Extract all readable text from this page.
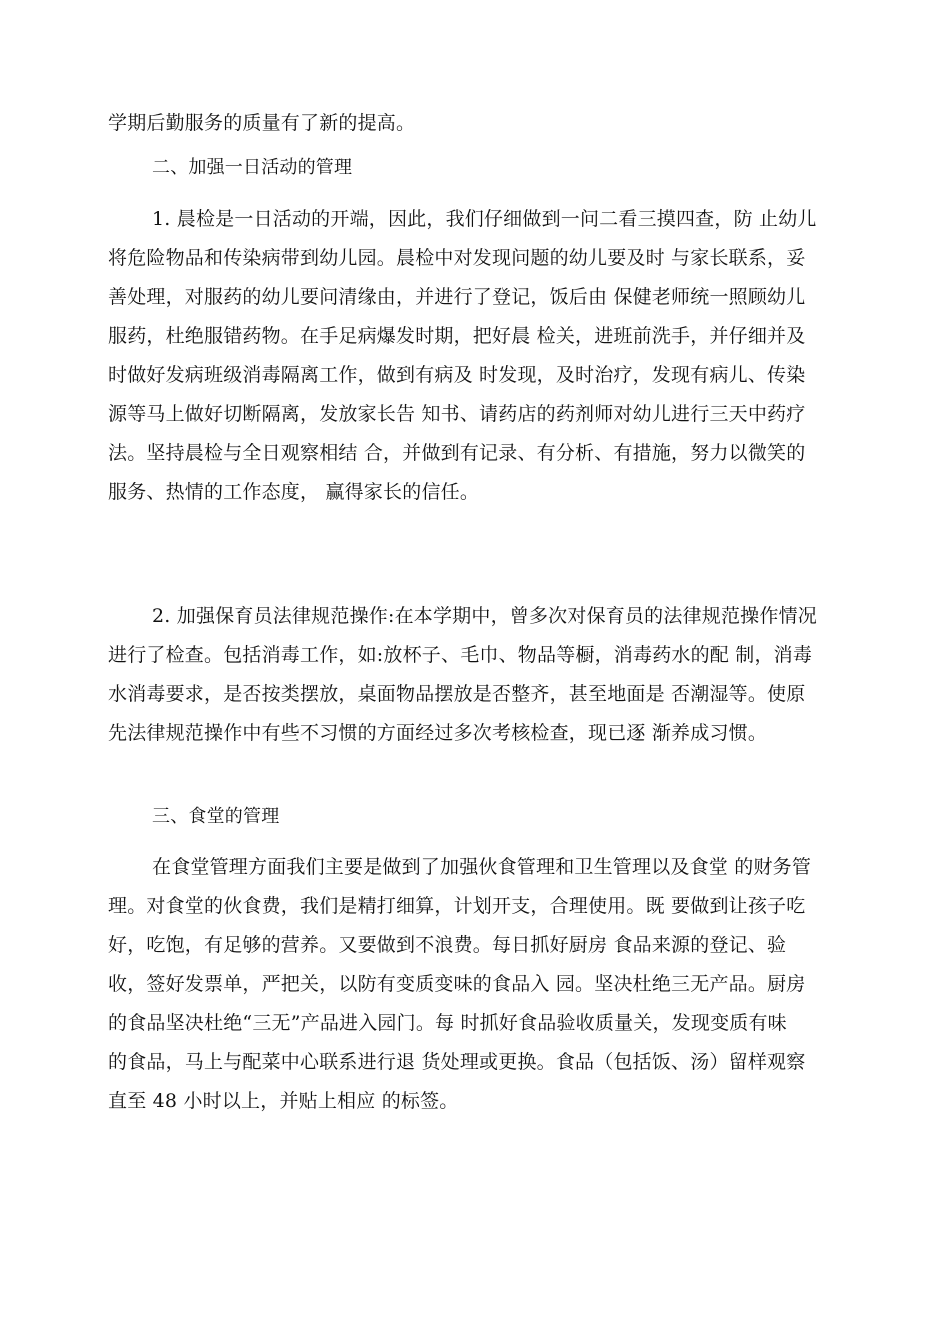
学期后勤服务的质量有了新的提高。
二、加强一日活动的管理
1. 晨检是一日活动的开端，因此，我们仔细做到一问二看三摸四查，防 止幼儿
将危险物品和传染病带到幼儿园。晨检中对发现问题的幼儿要及时 与家长联系，妥
善处理，对服药的幼儿要问清缘由，并进行了登记，饭后由 保健老师统一照顾幼儿
服药，杜绝服错药物。在手足病爆发时期，把好晨 检关，进班前洗手，并仔细并及
时做好发病班级消毒隔离工作，做到有病及 时发现，及时治疗，发现有病儿、传染
源等马上做好切断隔离，发放家长告 知书、请药店的药剂师对幼儿进行三天中药疗
法。坚持晨检与全日观察相结 合，并做到有记录、有分析、有措施，努力以微笑的
服务、热情的工作态度， 赢得家长的信任。
2. 加强保育员法律规范操作:在本学期中，曾多次对保育员的法律规范操作情况
进行了检查。包括消毒工作，如:放杯子、毛巾、物品等橱，消毒药水的配 制，消毒
水消毒要求，是否按类摆放，桌面物品摆放是否整齐，甚至地面是 否潮湿等。使原
先法律规范操作中有些不习惯的方面经过多次考核检查，现已逐 渐养成习惯。
三、食堂的管理
在食堂管理方面我们主要是做到了加强伙食管理和卫生管理以及食堂 的财务管
理。对食堂的伙食费，我们是精打细算，计划开支，合理使用。既 要做到让孩子吃
好，吃饱，有足够的营养。又要做到不浪费。每日抓好厨房 食品来源的登记、验
收，签好发票单，严把关，以防有变质变味的食品入 园。坚决杜绝三无产品。厨房
的食品坚决杜绝“三无”产品进入园门。每 时抓好食品验收质量关，发现变质有味
的食品，马上与配菜中心联系进行退 货处理或更换。食品（包括饭、汤）留样观察
直至 48 小时以上，并贴上相应 的标签。
